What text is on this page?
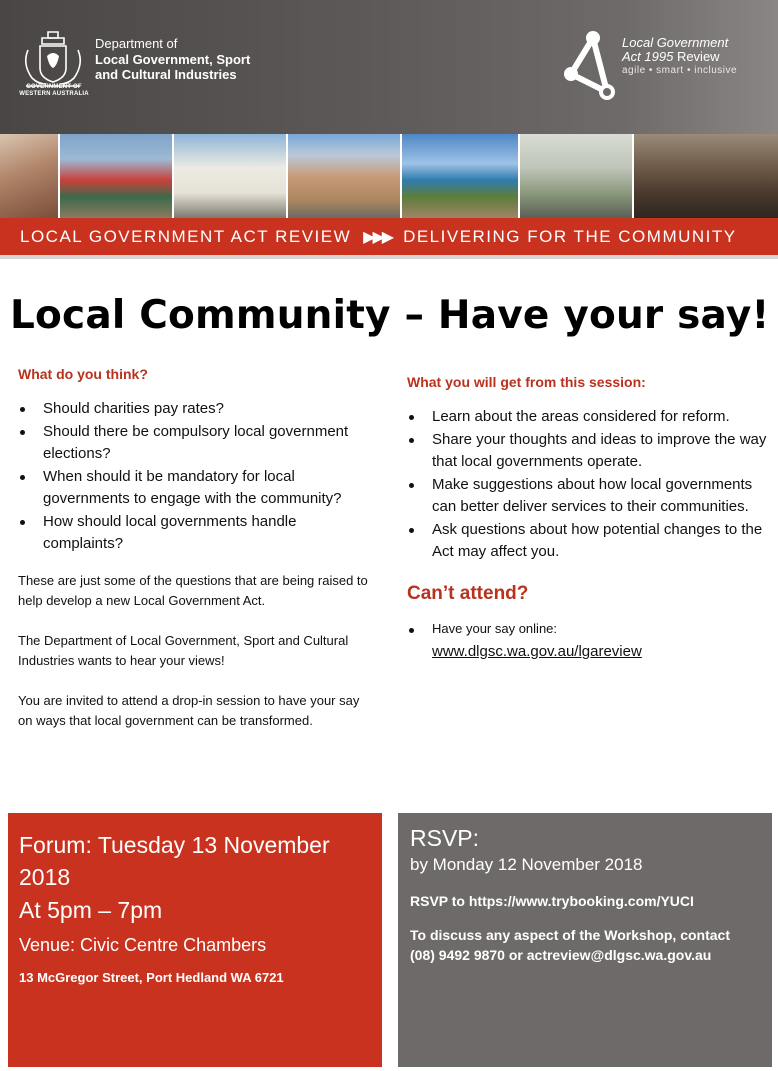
GOVERNMENT OF WESTERN AUSTRALIA
Department of
Local Government, Sport
and Cultural Industries
Local Government
Act 1995 Review
agile • smart • inclusive
LOCAL GOVERNMENT ACT REVIEW ▶▶▶ DELIVERING FOR THE COMMUNITY
Local Community – Have your say!
What do you think?
Should charities pay rates?
Should there be compulsory local government elections?
When should it be mandatory for local governments to engage with the community?
How should local governments handle complaints?

These are just some of the questions that are being raised to help develop a new Local Government Act.

The Department of Local Government, Sport and Cultural Industries wants to hear your views!

You are invited to attend a drop-in session to have your say on ways that local government can be transformed.

What you will get from this session:
Learn about the areas considered for reform.
Share your thoughts and ideas to improve the way that local governments operate.
Make suggestions about how local governments can better deliver services to their communities.
Ask questions about how potential changes to the Act may affect you.
Can’t attend?
Have your say online:
www.dlgsc.wa.gov.au/lgareview
Forum: Tuesday 13 November
2018
At 5pm – 7pm
Venue: Civic Centre Chambers
13 McGregor Street, Port Hedland WA 6721
RSVP:
by Monday 12 November 2018
RSVP to https://www.trybooking.com/YUCI
To discuss any aspect of the Workshop, contact
(08) 9492 9870 or actreview@dlgsc.wa.gov.au
